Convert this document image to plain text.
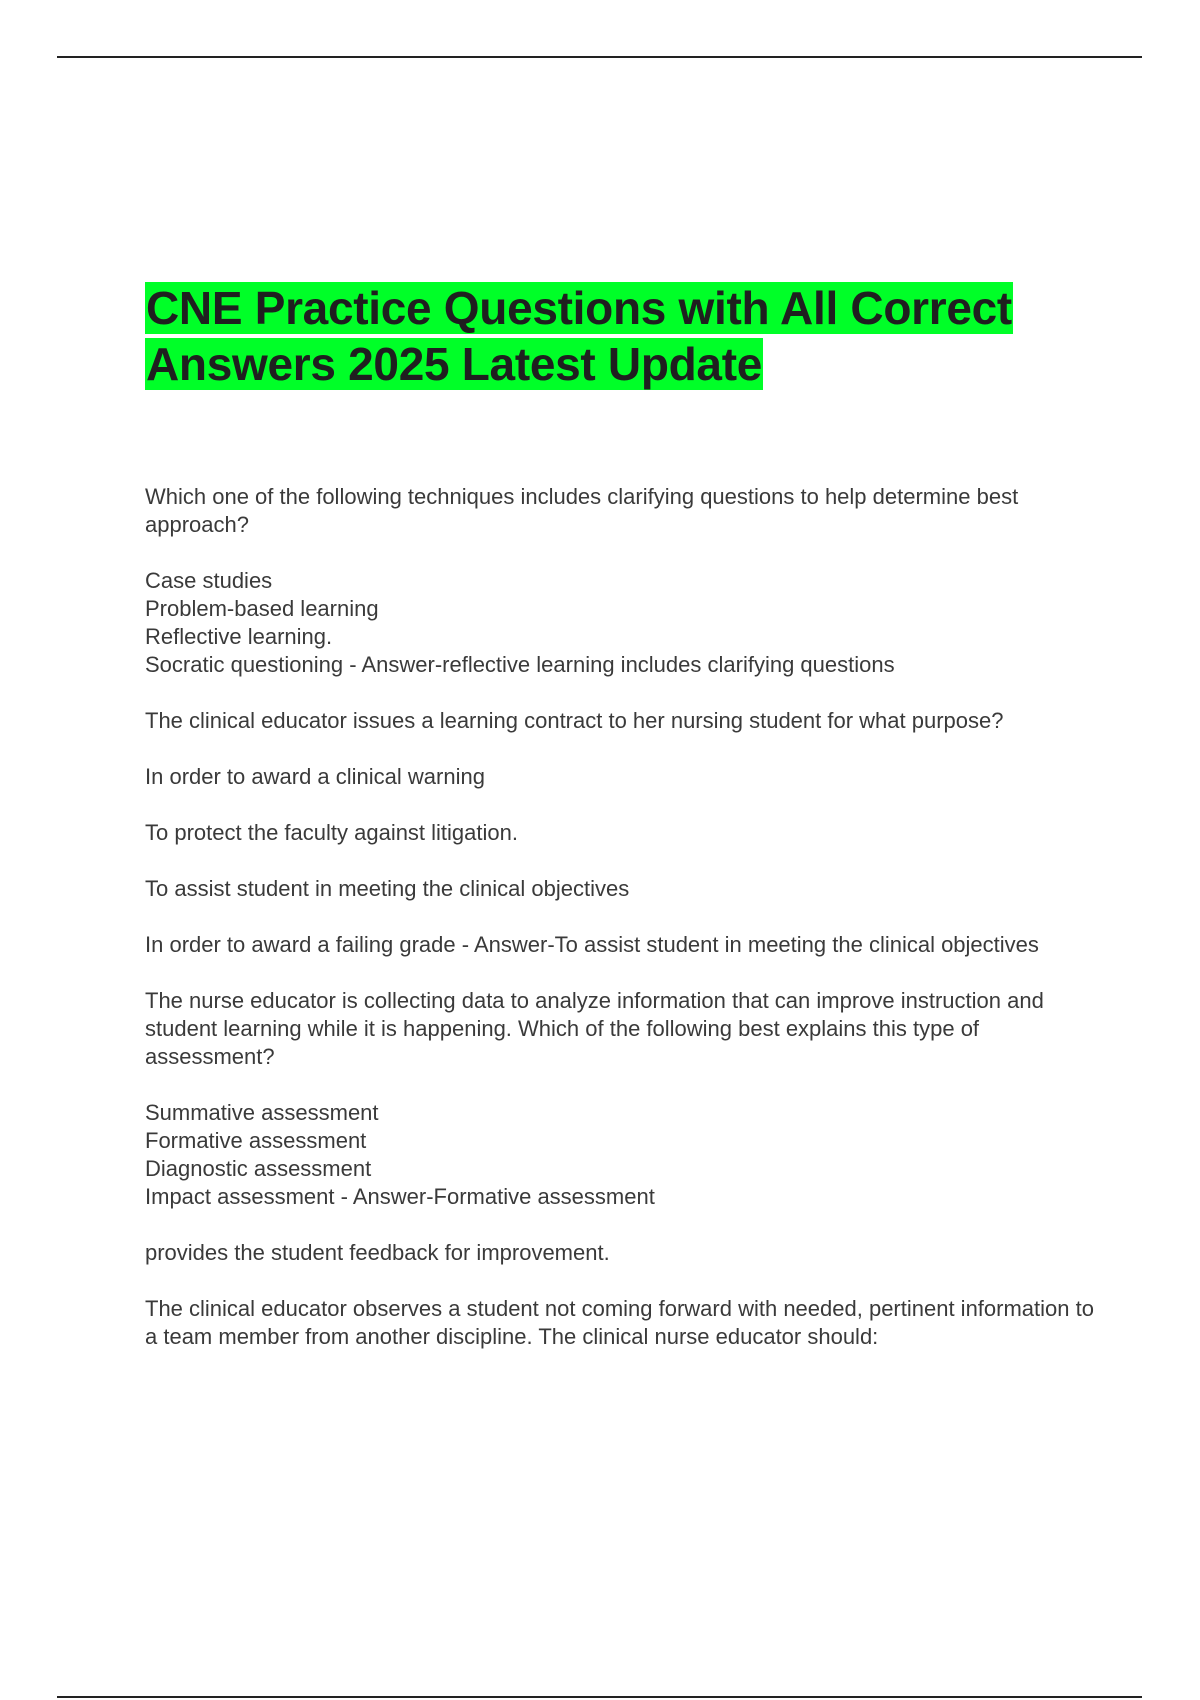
CNE Practice Questions with All Correct Answers 2025 Latest Update
Which one of the following techniques includes clarifying questions to help determine best approach?
Case studies
Problem-based learning
Reflective learning.
Socratic questioning - Answer-reflective learning includes clarifying questions
The clinical educator issues a learning contract to her nursing student for what purpose?
In order to award a clinical warning
To protect the faculty against litigation.
To assist student in meeting the clinical objectives
In order to award a failing grade - Answer-To assist student in meeting the clinical objectives
The nurse educator is collecting data to analyze information that can improve instruction and student learning while it is happening. Which of the following best explains this type of assessment?
Summative assessment
Formative assessment
Diagnostic assessment
Impact assessment - Answer-Formative assessment
provides the student feedback for improvement.
The clinical educator observes a student not coming forward with needed, pertinent information to a team member from another discipline. The clinical nurse educator should:
